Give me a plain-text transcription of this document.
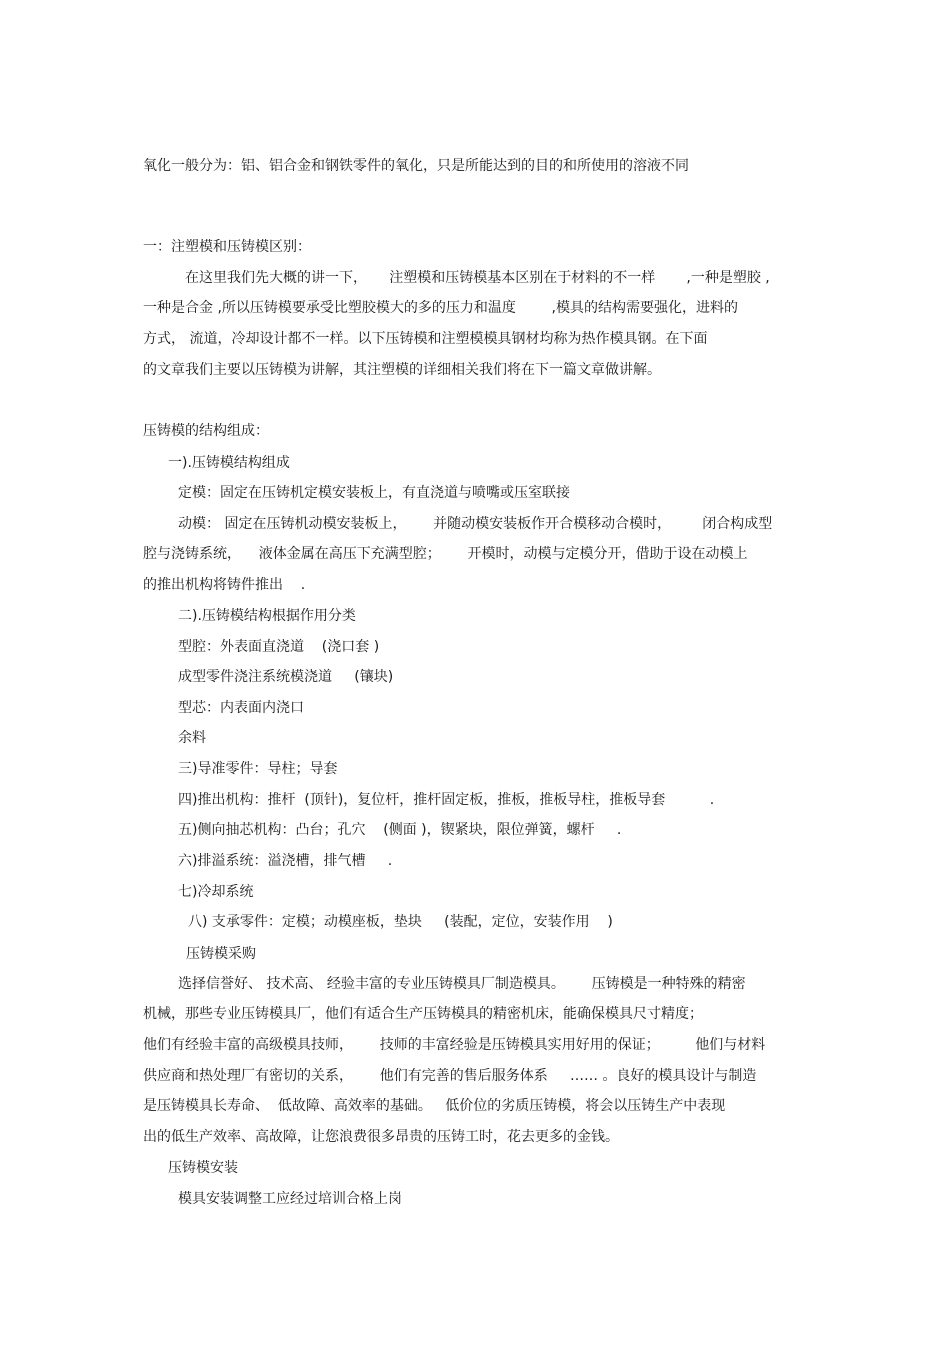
氧化一般分为：铝、铝合金和钢铁零件的氧化，只是所能达到的目的和所使用的溶液不同

一：注塑模和压铸模区别：

在这里我们先大概的讲一下，     注塑模和压铸模基本区别在于材料的不一样       ,一种是塑胶 ,

一种是合金 ,所以压铸模要承受比塑胶模大的多的压力和温度        ,模具的结构需要强化，进料的

方式， 流道，冷却设计都不一样。以下压铸模和注塑模模具钢材均称为热作模具钢。在下面

的文章我们主要以压铸模为讲解，其注塑模的详细相关我们将在下一篇文章做讲解。

压铸模的结构组成：

一).压铸模结构组成

定模：固定在压铸机定模安装板上，有直浇道与喷嘴或压室联接

动模： 固定在压铸机动模安装板上，      并随动模安装板作开合模移动合模时，       闭合构成型

腔与浇铸系统，    液体金属在高压下充满型腔；      开模时，动模与定模分开，借助于设在动模上

的推出机构将铸件推出    .

二).压铸模结构根据作用分类

型腔：外表面直浇道    (浇口套 )

成型零件浇注系统模浇道     (镶块)

型芯：内表面内浇口

余料

三)导准零件：导柱；导套

四)推出机构：推杆  (顶针)，复位杆，推杆固定板，推板，推板导柱，推板导套          .

五)侧向抽芯机构：凸台；孔穴    (侧面 )，锲紧块，限位弹簧，螺杆     .

六)排溢系统：溢浇槽，排气槽     .

七)冷却系统

八) 支承零件：定模；动模座板，垫块     (装配，定位，安装作用    )

压铸模采购

选择信誉好、 技术高、 经验丰富的专业压铸模具厂制造模具。      压铸模是一种特殊的精密

机械，那些专业压铸模具厂，他们有适合生产压铸模具的精密机床，能确保模具尺寸精度；

他们有经验丰富的高级模具技师，      技师的丰富经验是压铸模具实用好用的保证；        他们与材料

供应商和热处理厂有密切的关系，      他们有完善的售后服务体系     …… 。良好的模具设计与制造

是压铸模具长寿命、  低故障、高效率的基础。   低价位的劣质压铸模，将会以压铸生产中表现

出的低生产效率、高故障，让您浪费很多昂贵的压铸工时，花去更多的金钱。

压铸模安装

模具安装调整工应经过培训合格上岗
